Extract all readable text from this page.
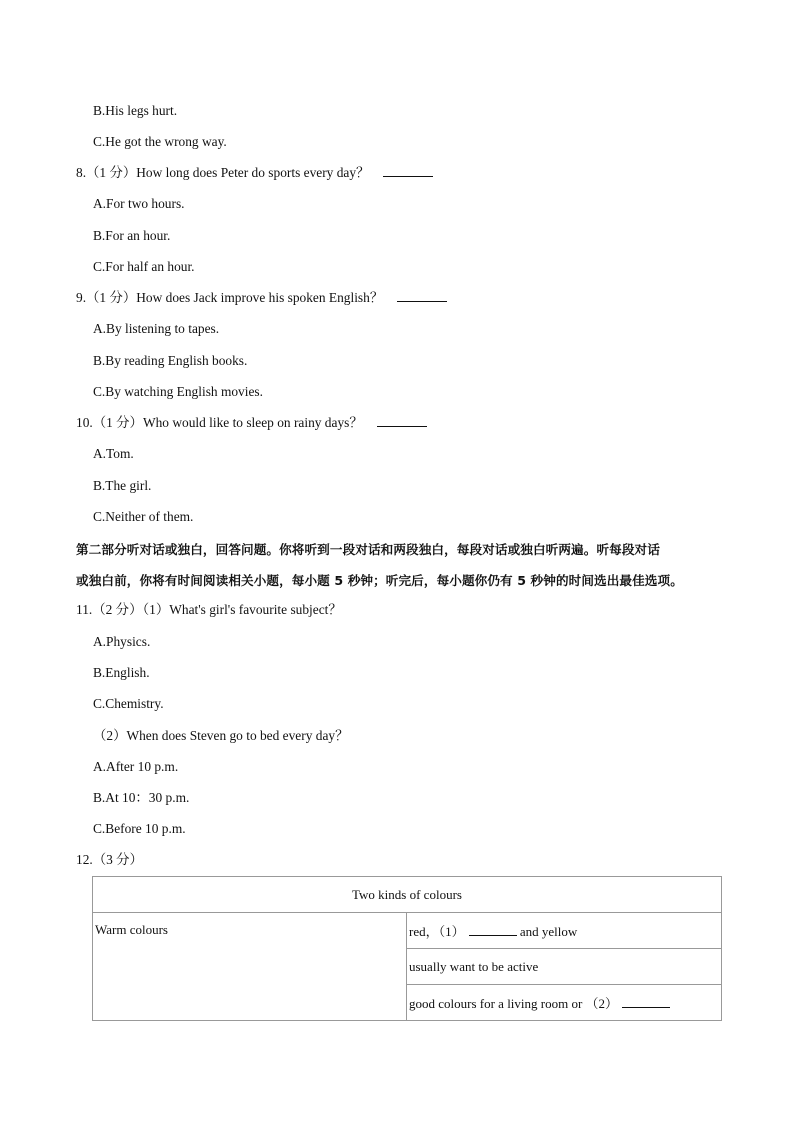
B.His legs hurt.
C.He got the wrong way.
8.（1 分）How long does Peter do sports every day？
A.For two hours.
B.For an hour.
C.For half an hour.
9.（1 分）How does Jack improve his spoken English？
A.By listening to tapes.
B.By reading English books.
C.By watching English movies.
10.（1 分）Who would like to sleep on rainy days？
A.Tom.
B.The girl.
C.Neither of them.
第二部分听对话或独白，回答问题。你将听到一段对话和两段独白，每段对话或独白听两遍。听每段对话
或独白前，你将有时间阅读相关小题，每小题 5 秒钟；听完后，每小题你仍有 5 秒钟的时间选出最佳选项。
11.（2 分）（1）What's girl's favourite subject？
A.Physics.
B.English.
C.Chemistry.
（2）When does Steven go to bed every day？
A.After 10 p.m.
B.At 10：30 p.m.
C.Before 10 p.m.
12.（3 分）
Two kinds of colours
Warm colours	red，（1）	and yellow
usually want to be active
good colours for a living room or （2）
